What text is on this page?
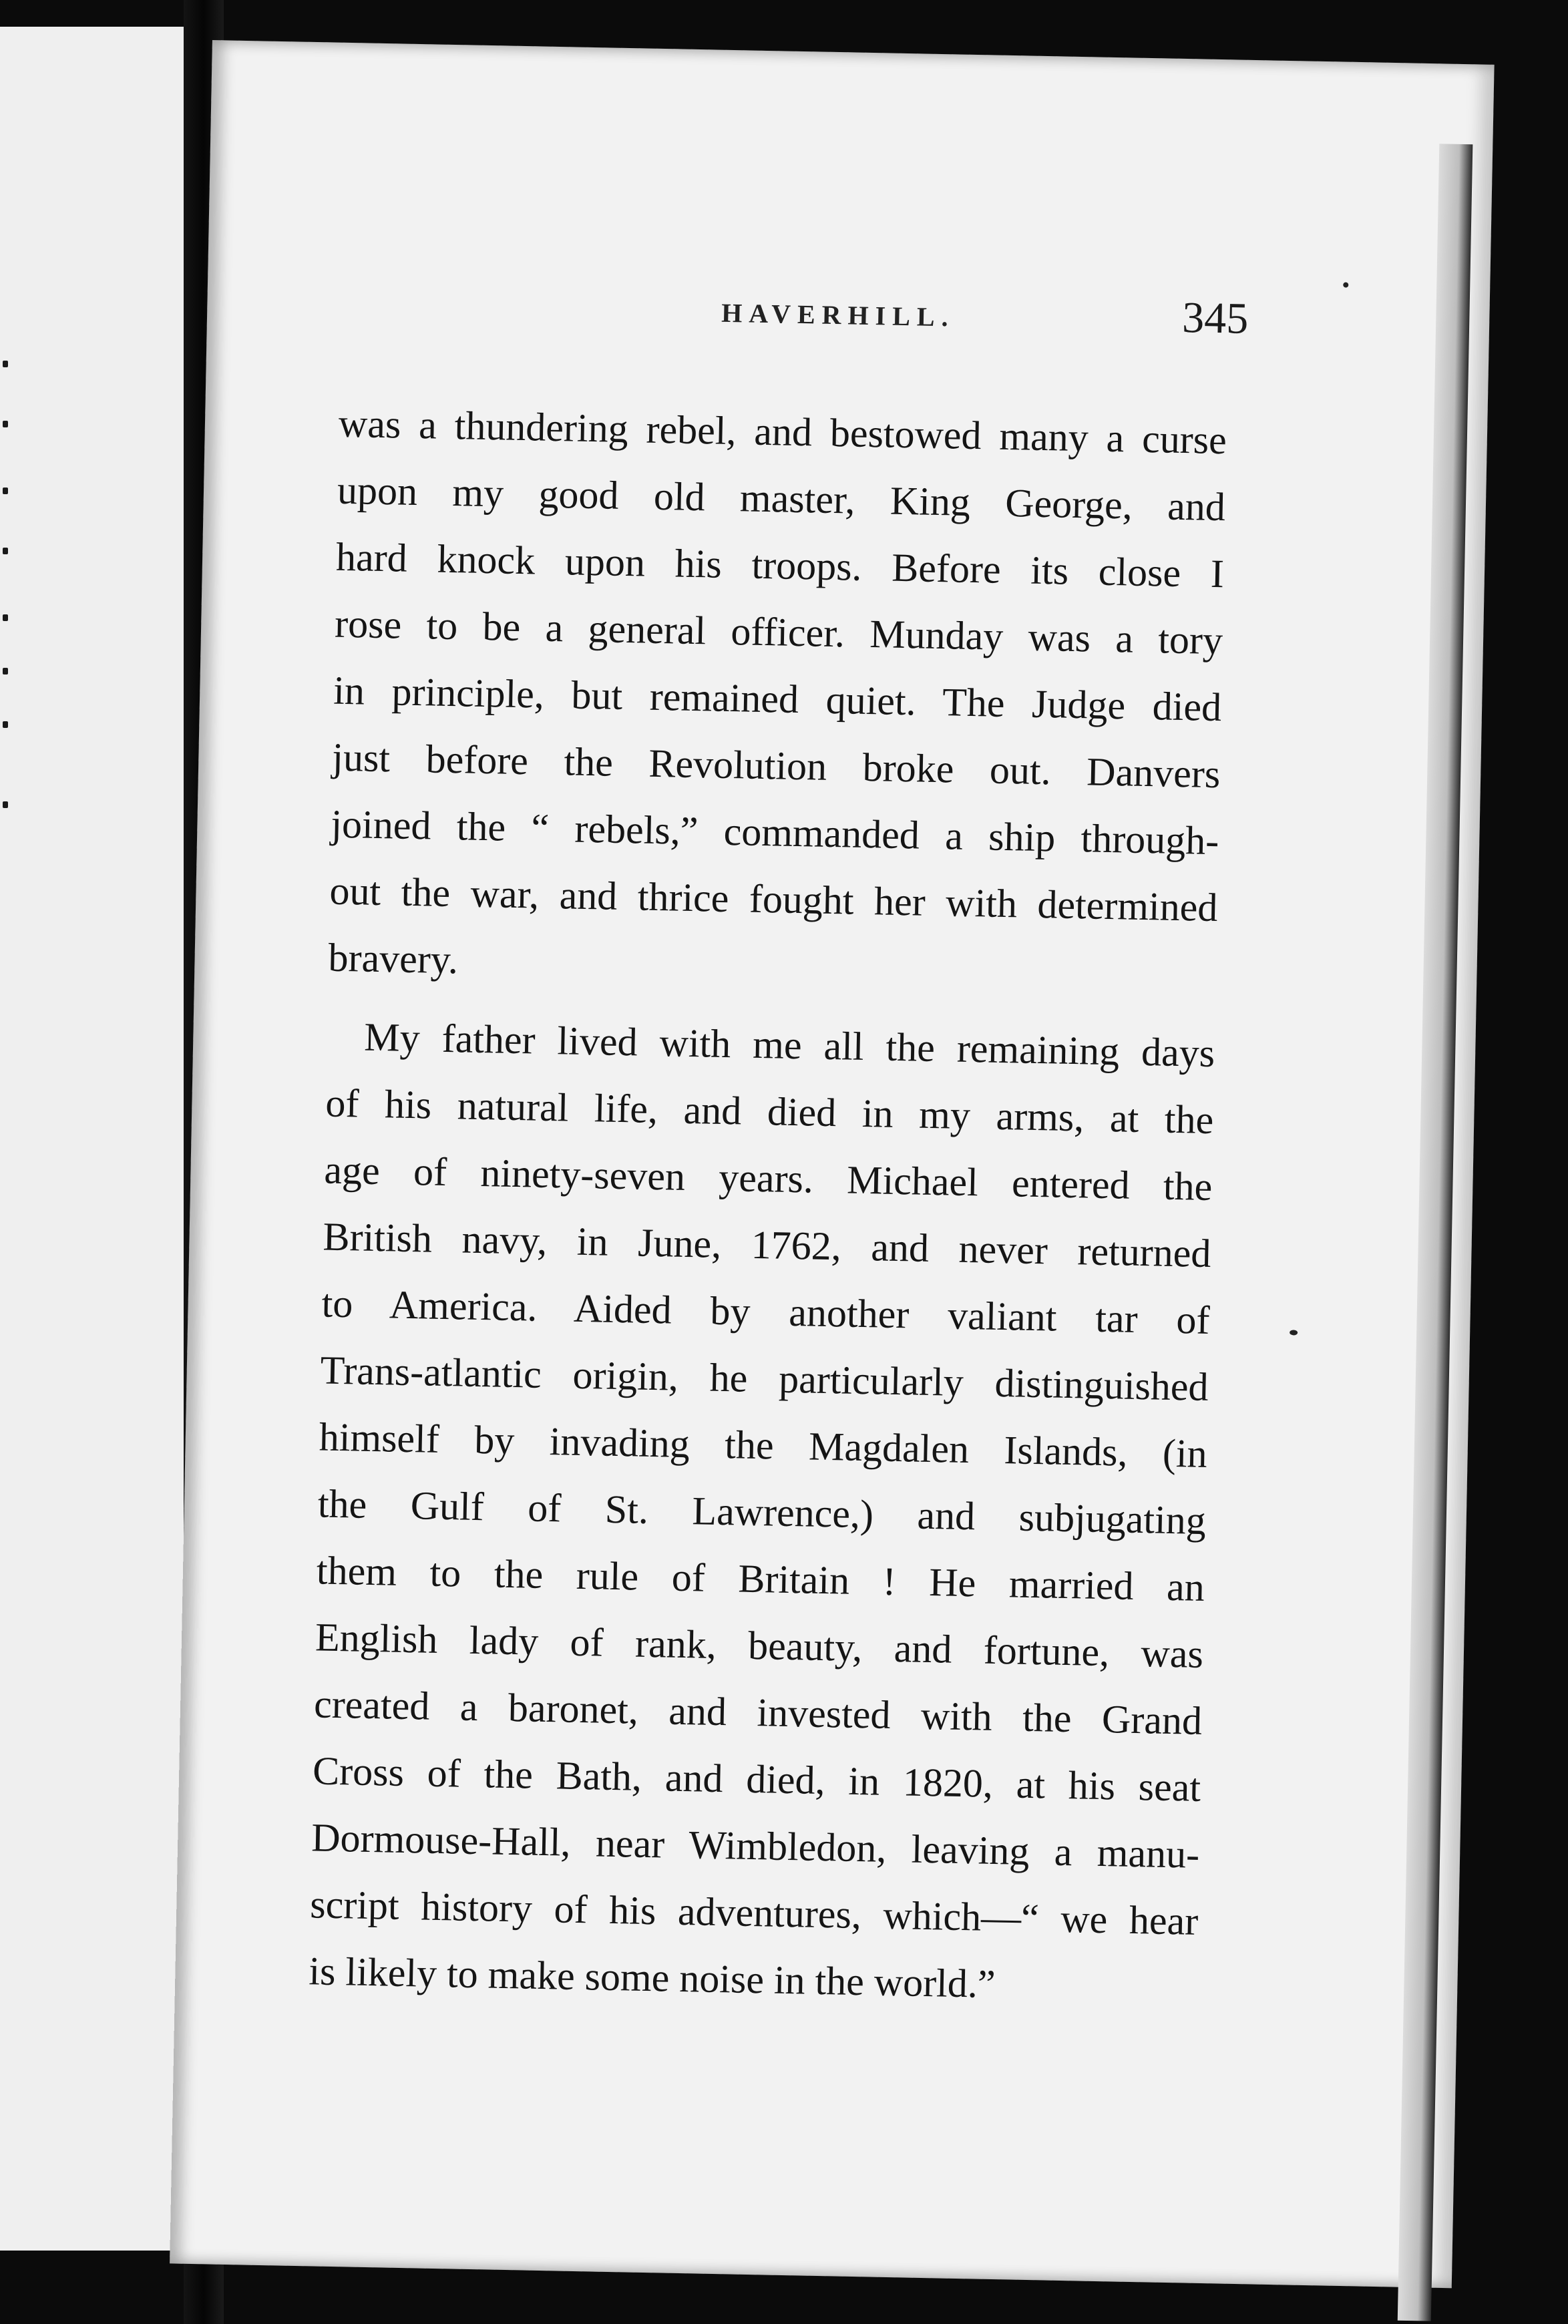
HAVERHILL.	345
was a thundering rebel, and bestowed many a curse
upon my good old master, King George, and
hard knock upon his troops. Before its close I
rose to be a general officer. Munday was a tory
in principle, but remained quiet. The Judge died
just before the Revolution broke out. Danvers
joined the “ rebels,” commanded a ship through-
out the war, and thrice fought her with determined
bravery.
My father lived with me all the remaining days
of his natural life, and died in my arms, at the
age of ninety-seven years. Michael entered the
British navy, in June, 1762, and never returned
to America. Aided by another valiant tar of
Trans-atlantic origin, he particularly distinguished
himself by invading the Magdalen Islands, (in
the Gulf of St. Lawrence,) and subjugating
them to the rule of Britain ! He married an
English lady of rank, beauty, and fortune, was
created a baronet, and invested with the Grand
Cross of the Bath, and died, in 1820, at his seat
Dormouse-Hall, near Wimbledon, leaving a manu-
script history of his adventures, which—“ we hear
is likely to make some noise in the world.”
